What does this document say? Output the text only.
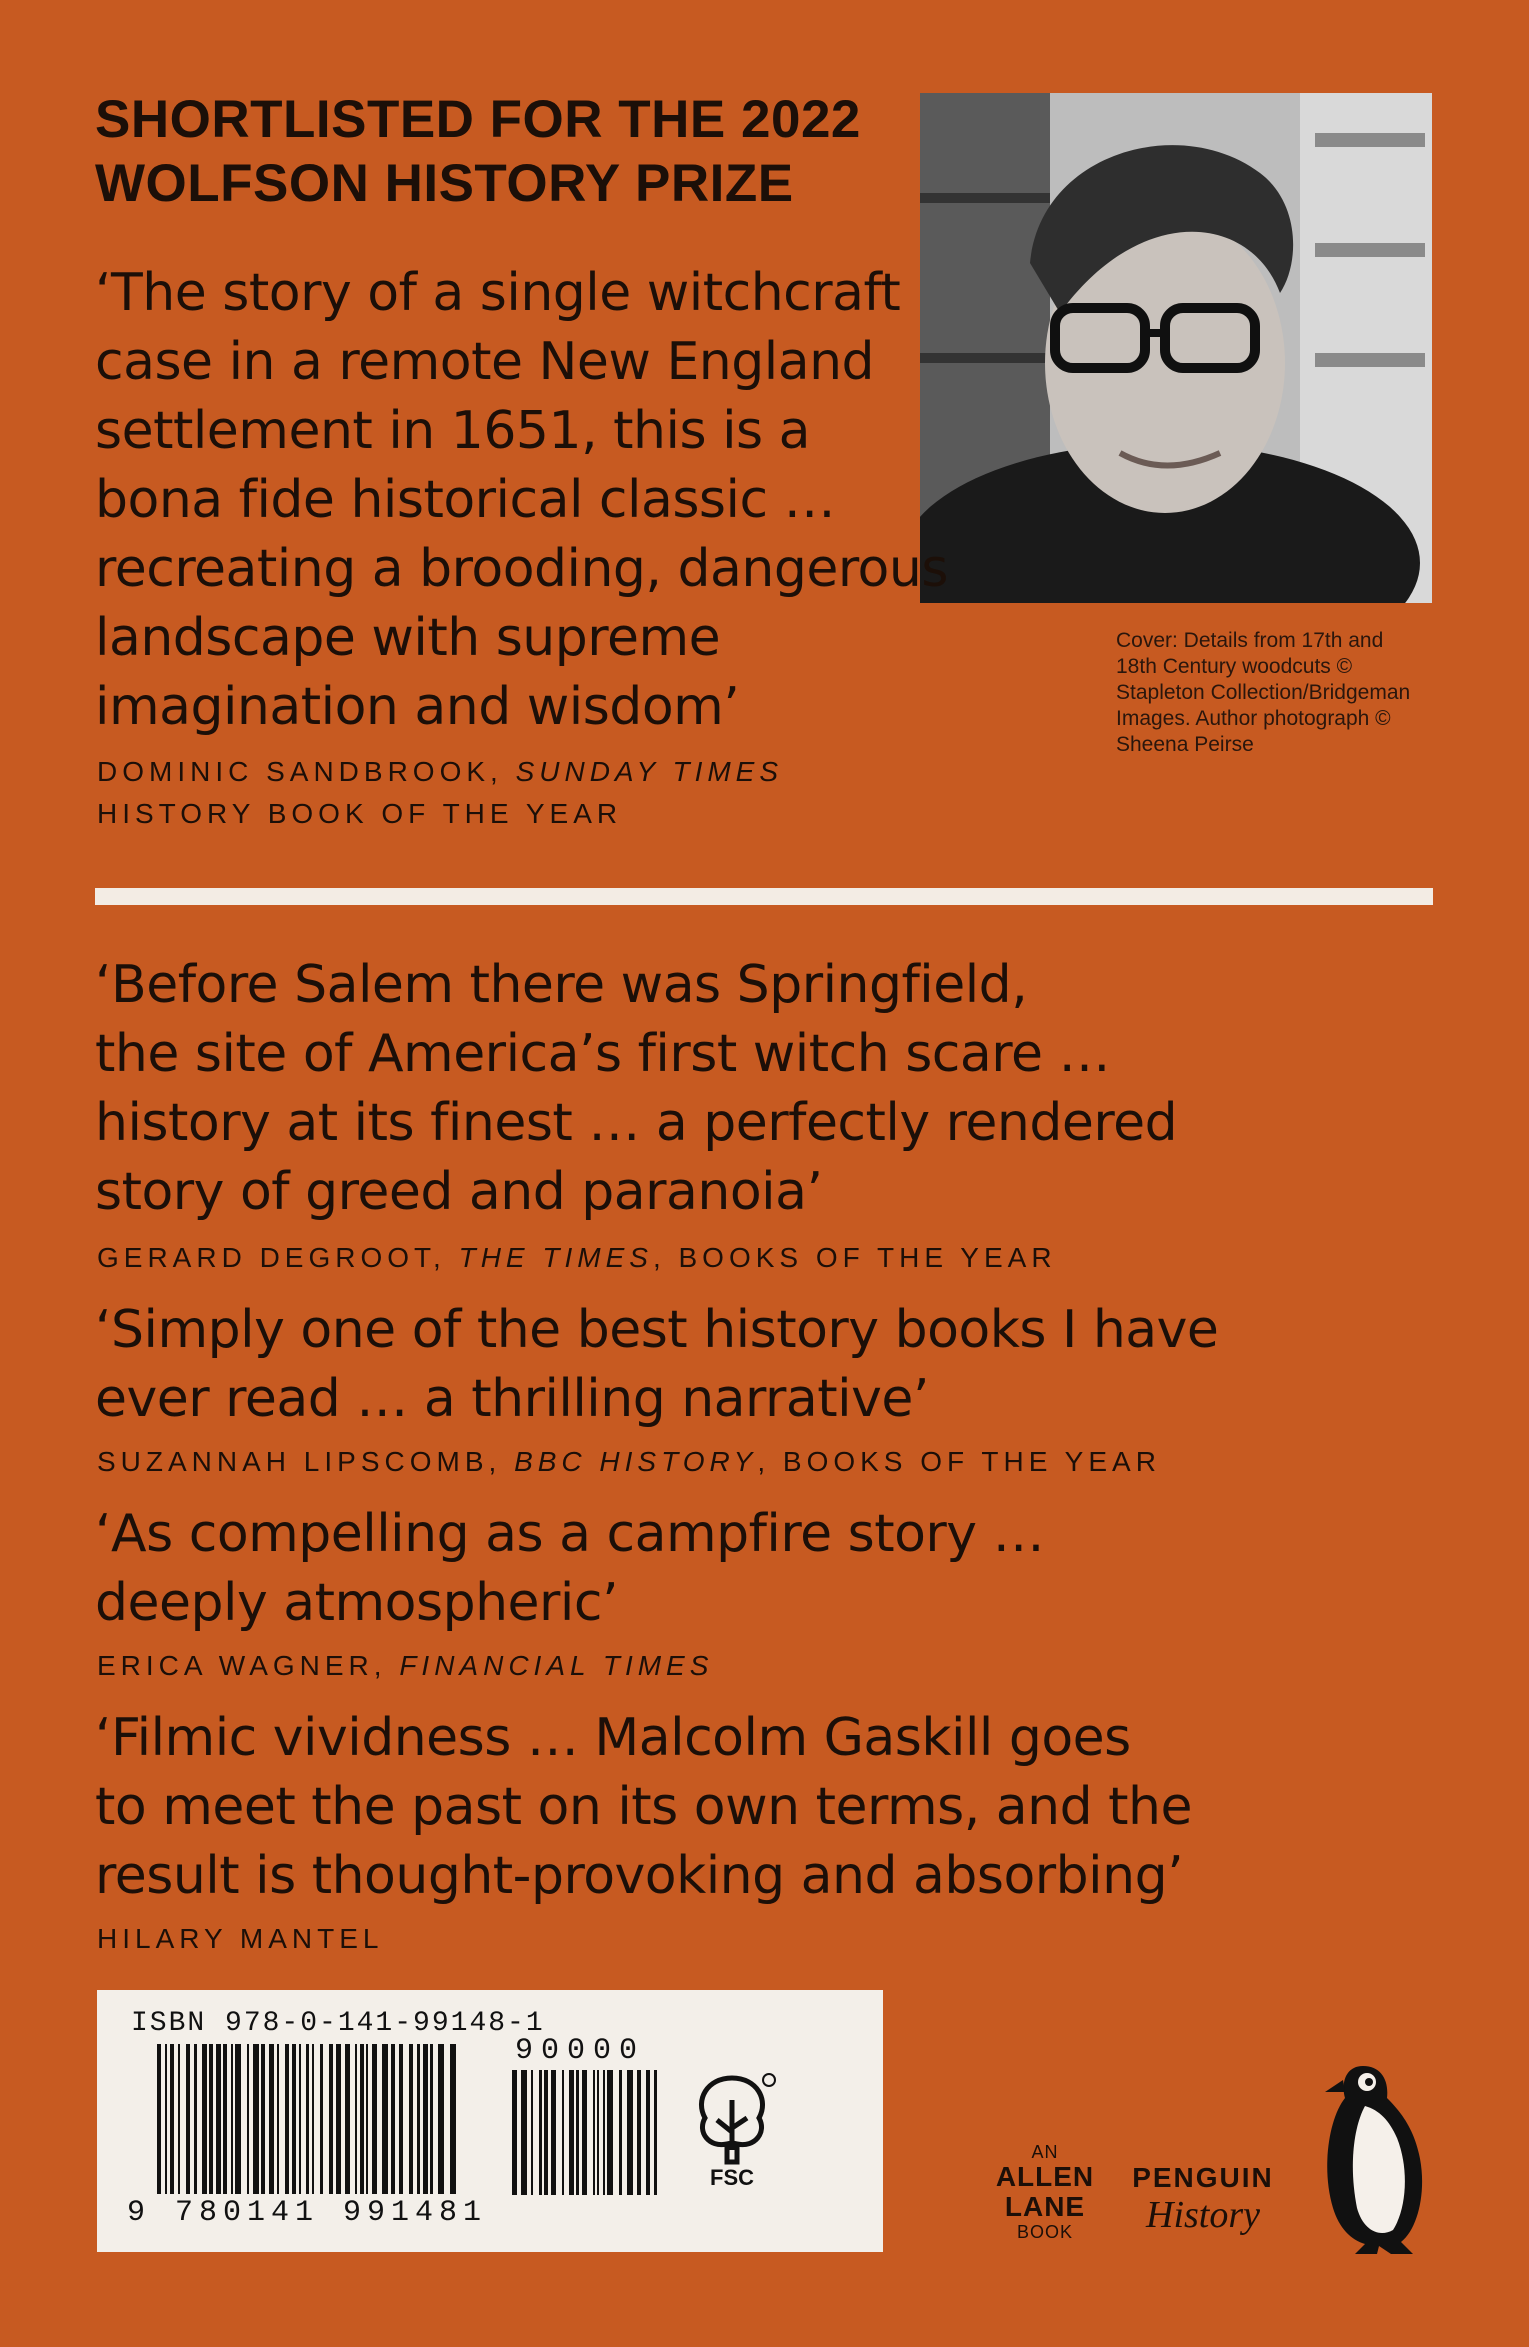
SHORTLISTED FOR THE 2022
WOLFSON HISTORY PRIZE
Cover: Details from 17th and
18th Century woodcuts ©
Stapleton Collection/Bridgeman
Images. Author photograph ©
Sheena Peirse
‘The story of a single witchcraft
case in a remote New England
settlement in 1651, this is a
bona fide historical classic …
recreating a brooding, dangerous
landscape with supreme
imagination and wisdom’
DOMINIC SANDBROOK, SUNDAY TIMES
HISTORY BOOK OF THE YEAR
‘Before Salem there was Springfield,
the site of America’s first witch scare …
history at its finest … a perfectly rendered
story of greed and paranoia’
GERARD DEGROOT, THE TIMES, BOOKS OF THE YEAR
‘Simply one of the best history books I have
ever read … a thrilling narrative’
SUZANNAH LIPSCOMB, BBC HISTORY, BOOKS OF THE YEAR
‘As compelling as a campfire story …
deeply atmospheric’
ERICA WAGNER, FINANCIAL TIMES
‘Filmic vividness … Malcolm Gaskill goes
to meet the past on its own terms, and the
result is thought-provoking and absorbing’
HILARY MANTEL
ISBN 978-0-141-99148-1
9 780141 991481
90000
FSC
AN
ALLEN
LANE
BOOK
PENGUIN
History
